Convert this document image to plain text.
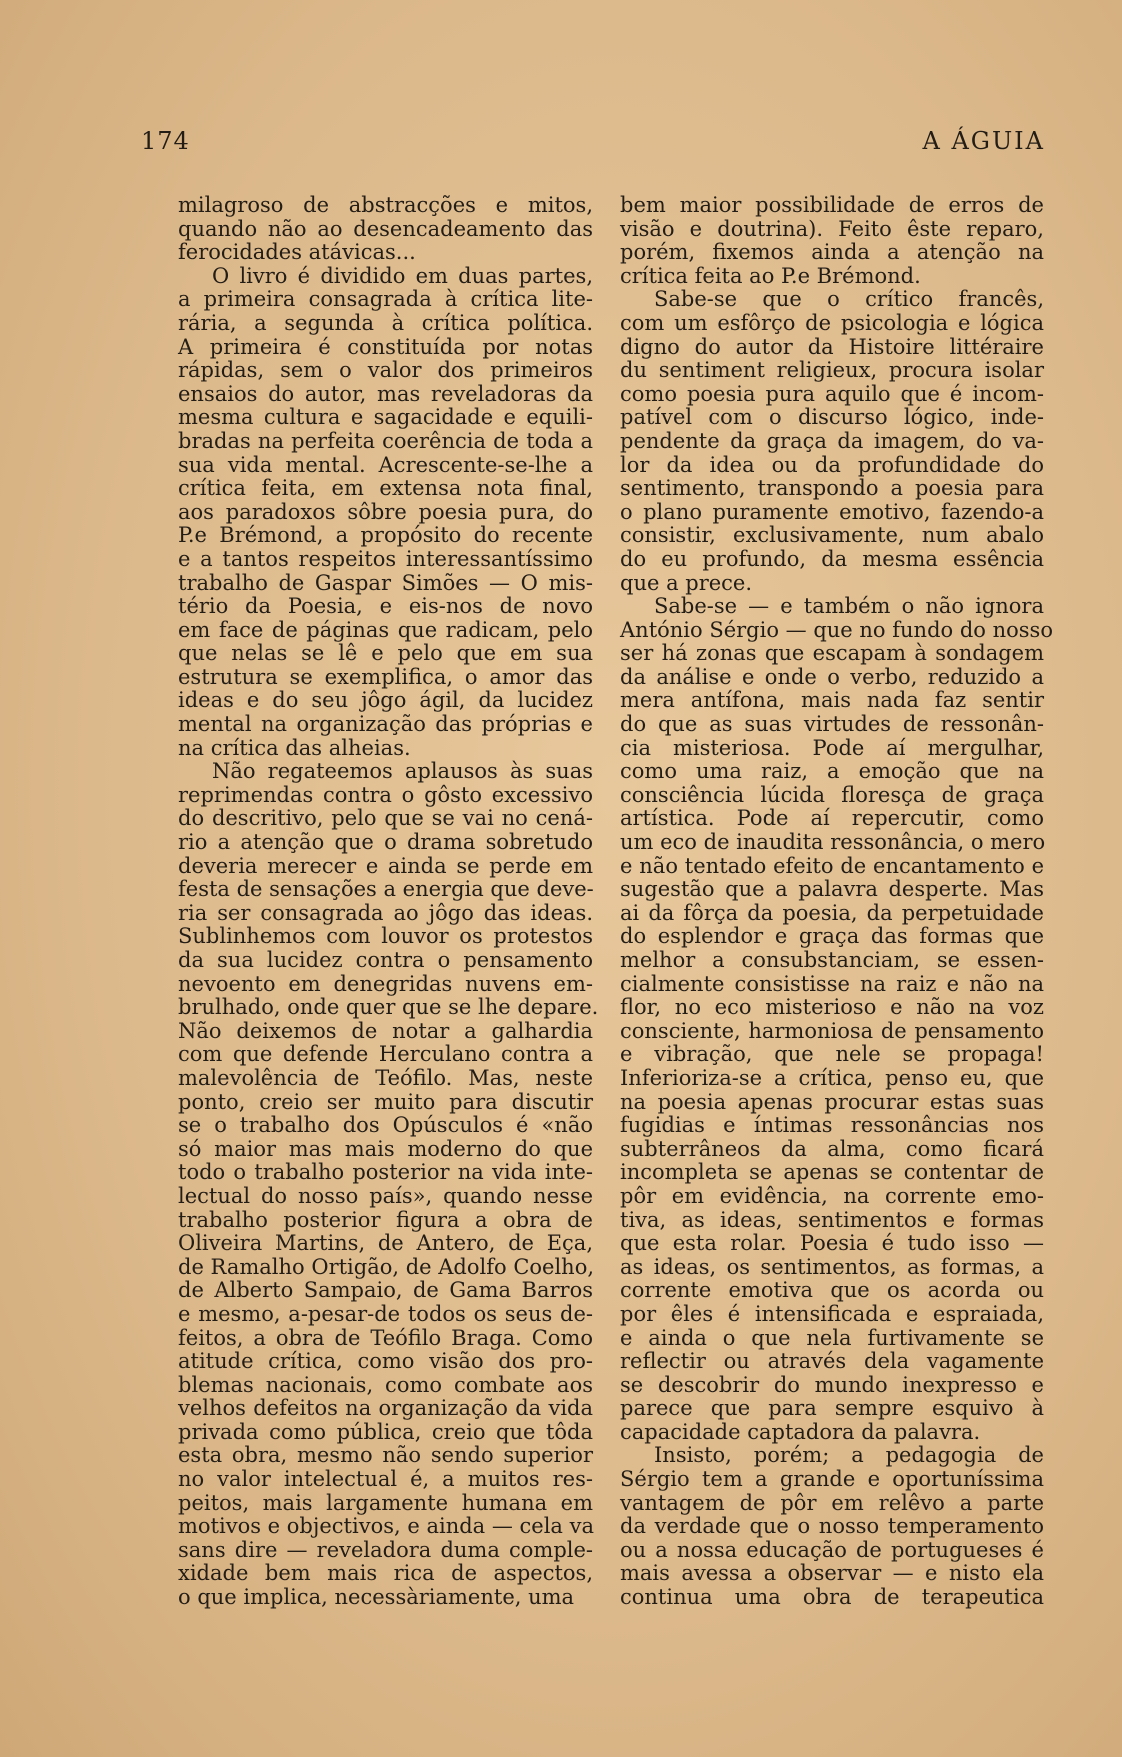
174	A ÁGUIA
milagroso de abstracções e mitos,
quando não ao desencadeamento das
ferocidades atávicas...
O livro é dividido em duas partes,
a primeira consagrada à crítica lite-
rária, a segunda à crítica política.
A primeira é constituída por notas
rápidas, sem o valor dos primeiros
ensaios do autor, mas reveladoras da
mesma cultura e sagacidade e equili-
bradas na perfeita coerência de toda a
sua vida mental. Acrescente-se-lhe a
crítica feita, em extensa nota final,
aos paradoxos sôbre poesia pura, do
P.e Brémond, a propósito do recente
e a tantos respeitos interessantíssimo
trabalho de Gaspar Simões — O mis-
tério da Poesia, e eis-nos de novo
em face de páginas que radicam, pelo
que nelas se lê e pelo que em sua
estrutura se exemplifica, o amor das
ideas e do seu jôgo ágil, da lucidez
mental na organização das próprias e
na crítica das alheias.
Não regateemos aplausos às suas
reprimendas contra o gôsto excessivo
do descritivo, pelo que se vai no cená-
rio a atenção que o drama sobretudo
deveria merecer e ainda se perde em
festa de sensações a energia que deve-
ria ser consagrada ao jôgo das ideas.
Sublinhemos com louvor os protestos
da sua lucidez contra o pensamento
nevoento em denegridas nuvens em-
brulhado, onde quer que se lhe depare.
Não deixemos de notar a galhardia
com que defende Herculano contra a
malevolência de Teófilo. Mas, neste
ponto, creio ser muito para discutir
se o trabalho dos Opúsculos é «não
só maior mas mais moderno do que
todo o trabalho posterior na vida inte-
lectual do nosso país», quando nesse
trabalho posterior figura a obra de
Oliveira Martins, de Antero, de Eça,
de Ramalho Ortigão, de Adolfo Coelho,
de Alberto Sampaio, de Gama Barros
e mesmo, a-pesar-de todos os seus de-
feitos, a obra de Teófilo Braga. Como
atitude crítica, como visão dos pro-
blemas nacionais, como combate aos
velhos defeitos na organização da vida
privada como pública, creio que tôda
esta obra, mesmo não sendo superior
no valor intelectual é, a muitos res-
peitos, mais largamente humana em
motivos e objectivos, e ainda — cela va
sans dire — reveladora duma comple-
xidade bem mais rica de aspectos,
o que implica, necessàriamente, uma
bem maior possibilidade de erros de
visão e doutrina). Feito êste reparo,
porém, fixemos ainda a atenção na
crítica feita ao P.e Brémond.
Sabe-se que o crítico francês,
com um esfôrço de psicologia e lógica
digno do autor da Histoire littéraire
du sentiment religieux, procura isolar
como poesia pura aquilo que é incom-
patível com o discurso lógico, inde-
pendente da graça da imagem, do va-
lor da idea ou da profundidade do
sentimento, transpondo a poesia para
o plano puramente emotivo, fazendo-a
consistir, exclusivamente, num abalo
do eu profundo, da mesma essência
que a prece.
Sabe-se — e também o não ignora
António Sérgio — que no fundo do nosso
ser há zonas que escapam à sondagem
da análise e onde o verbo, reduzido a
mera antífona, mais nada faz sentir
do que as suas virtudes de ressonân-
cia misteriosa. Pode aí mergulhar,
como uma raiz, a emoção que na
consciência lúcida floresça de graça
artística. Pode aí repercutir, como
um eco de inaudita ressonância, o mero
e não tentado efeito de encantamento e
sugestão que a palavra desperte. Mas
ai da fôrça da poesia, da perpetuidade
do esplendor e graça das formas que
melhor a consubstanciam, se essen-
cialmente consistisse na raiz e não na
flor, no eco misterioso e não na voz
consciente, harmoniosa de pensamento
e vibração, que nele se propaga!
Inferioriza-se a crítica, penso eu, que
na poesia apenas procurar estas suas
fugidias e íntimas ressonâncias nos
subterrâneos da alma, como ficará
incompleta se apenas se contentar de
pôr em evidência, na corrente emo-
tiva, as ideas, sentimentos e formas
que esta rolar. Poesia é tudo isso —
as ideas, os sentimentos, as formas, a
corrente emotiva que os acorda ou
por êles é intensificada e espraiada,
e ainda o que nela furtivamente se
reflectir ou através dela vagamente
se descobrir do mundo inexpresso e
parece que para sempre esquivo à
capacidade captadora da palavra.
Insisto, porém; a pedagogia de
Sérgio tem a grande e oportuníssima
vantagem de pôr em relêvo a parte
da verdade que o nosso temperamento
ou a nossa educação de portugueses é
mais avessa a observar — e nisto ela
continua uma obra de terapeutica
